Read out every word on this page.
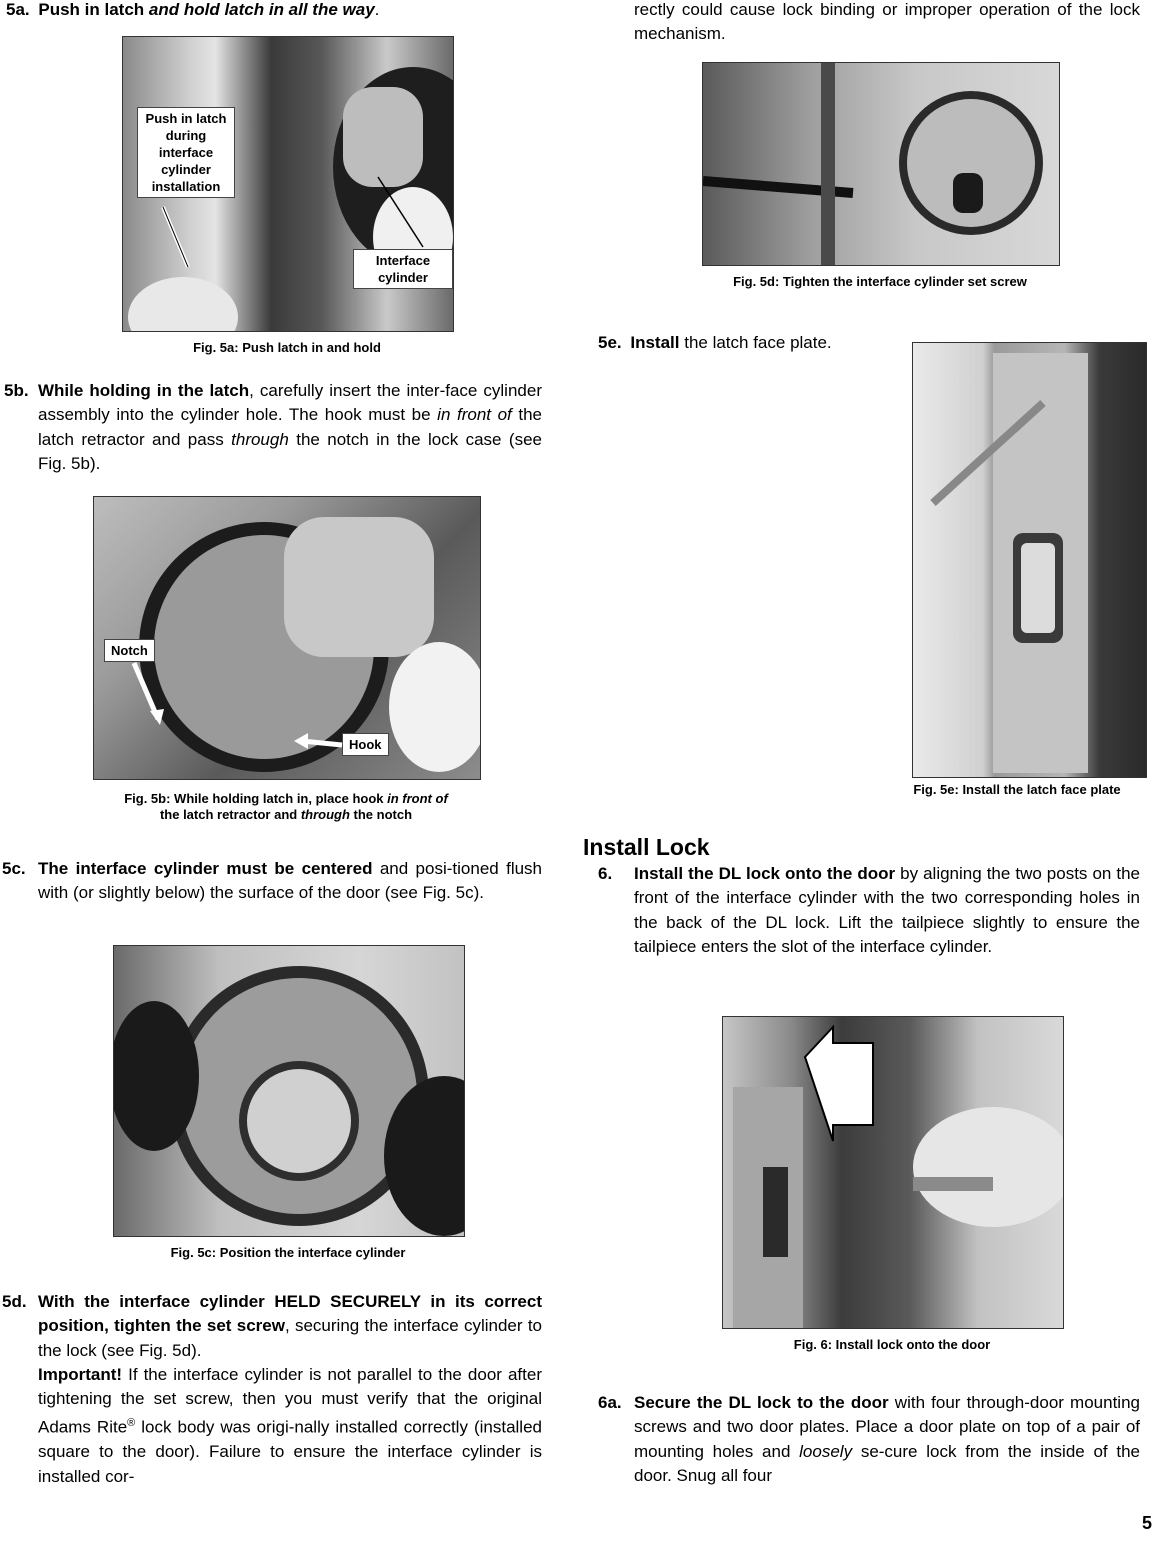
5a. Push in latch and hold latch in all the way.
Push in latch during interface cylinder installation
Interface cylinder
Fig. 5a: Push latch in and hold
5b. While holding in the latch, carefully insert the inter-face cylinder assembly into the cylinder hole. The hook must be in front of the latch retractor and pass through the notch in the lock case (see Fig. 5b).
Notch
Hook
Fig. 5b: While holding latch in, place hook in front of
the latch retractor and through the notch
5c. The interface cylinder must be centered and posi-tioned flush with (or slightly below) the surface of the door (see Fig. 5c).
Fig. 5c: Position the interface cylinder
5d. With the interface cylinder HELD SECURELY in its correct position, tighten the set screw, securing the interface cylinder to the lock (see Fig. 5d).
Important! If the interface cylinder is not parallel to the door after tightening the set screw, then you must verify that the original Adams Rite® lock body was origi-nally installed correctly (installed square to the door). Failure to ensure the interface cylinder is installed cor-
rectly could cause lock binding or improper operation of the lock mechanism.
Fig. 5d: Tighten the interface cylinder set screw
5e. Install the latch face plate.
Fig. 5e: Install the latch face plate
Install Lock
6. Install the DL lock onto the door by aligning the two posts on the front of the interface cylinder with the two corresponding holes in the back of the DL lock. Lift the tailpiece slightly to ensure the tailpiece enters the slot of the interface cylinder.
Fig. 6: Install lock onto the door
6a. Secure the DL lock to the door with four through-door mounting screws and two door plates. Place a door plate on top of a pair of mounting holes and loosely se-cure lock from the inside of the door. Snug all four
5
